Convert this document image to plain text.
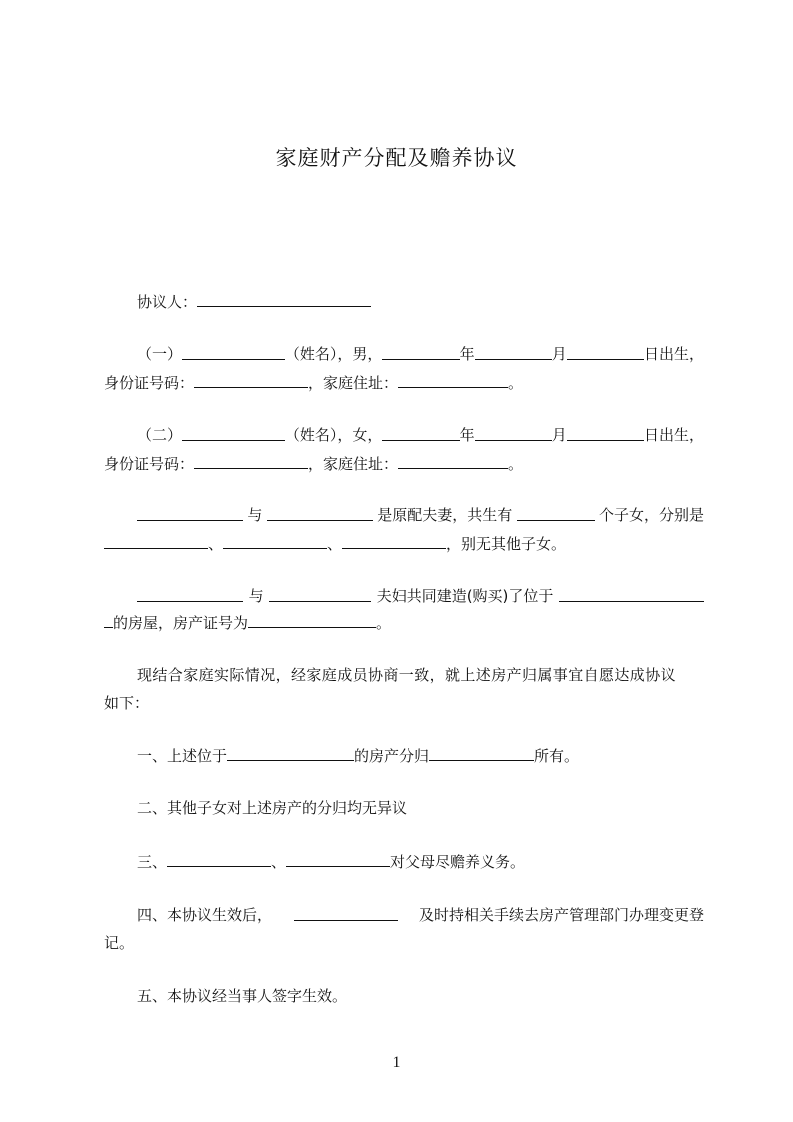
家庭财产分配及赡养协议
协议人：
（一）	（姓名），男，	年	月	日出生，
身份证号码：	，家庭住址：	。
（二）	（姓名），女，	年	月	日出生，
身份证号码：	，家庭住址：	。
与	是原配夫妻，共生有	个子女，分别是
、	、	，别无其他子女。
与	夫妇共同建造(购买)了位于
的房屋，房产证号为	。
现结合家庭实际情况，经家庭成员协商一致，就上述房产归属事宜自愿达成协议
如下：
一、上述位于	的房产分归	所有。
二、其他子女对上述房产的分归均无异议
三、	、	对父母尽赡养义务。
四、本协议生效后，	及时持相关手续去房产管理部门办理变更登
记。
五、本协议经当事人签字生效。
1
